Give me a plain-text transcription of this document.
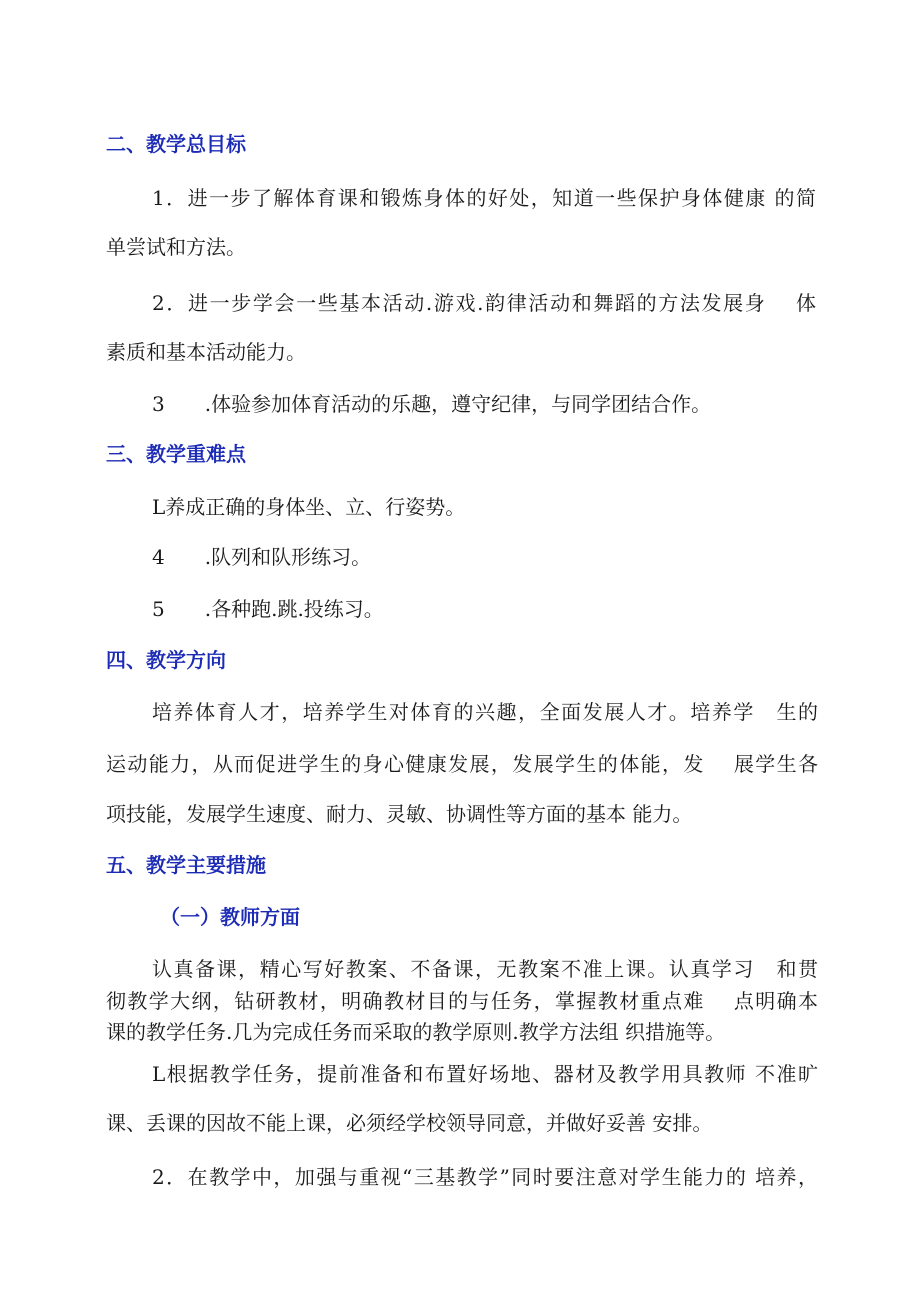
二、教学总目标
1．进一步了解体育课和锻炼身体的好处，知道一些保护身体健康 的简
单尝试和方法。
2．进一步学会一些基本活动.游戏.韵律活动和舞蹈的方法发展身　 体
素质和基本活动能力。
3　　.体验参加体育活动的乐趣，遵守纪律，与同学团结合作。
三、教学重难点
L养成正确的身体坐、立、行姿势。
4　　.队列和队形练习。
5　　.各种跑.跳.投练习。
四、教学方向
培养体育人才，培养学生对体育的兴趣，全面发展人才。培养学　生的
运动能力，从而促进学生的身心健康发展，发展学生的体能，发　 展学生各
项技能，发展学生速度、耐力、灵敏、协调性等方面的基本 能力。
五、教学主要措施
（一）教师方面
认真备课，精心写好教案、不备课，无教案不准上课。认真学习　和贯
彻教学大纲，钻研教材，明确教材目的与任务，掌握教材重点难　 点明确本
课的教学任务.几为完成任务而采取的教学原则.教学方法组 织措施等。
L根据教学任务，提前准备和布置好场地、器材及教学用具教师 不准旷
课、丢课的因故不能上课，必须经学校领导同意，并做好妥善 安排。
2．在教学中，加强与重视“三基教学”同时要注意对学生能力的 培养，
